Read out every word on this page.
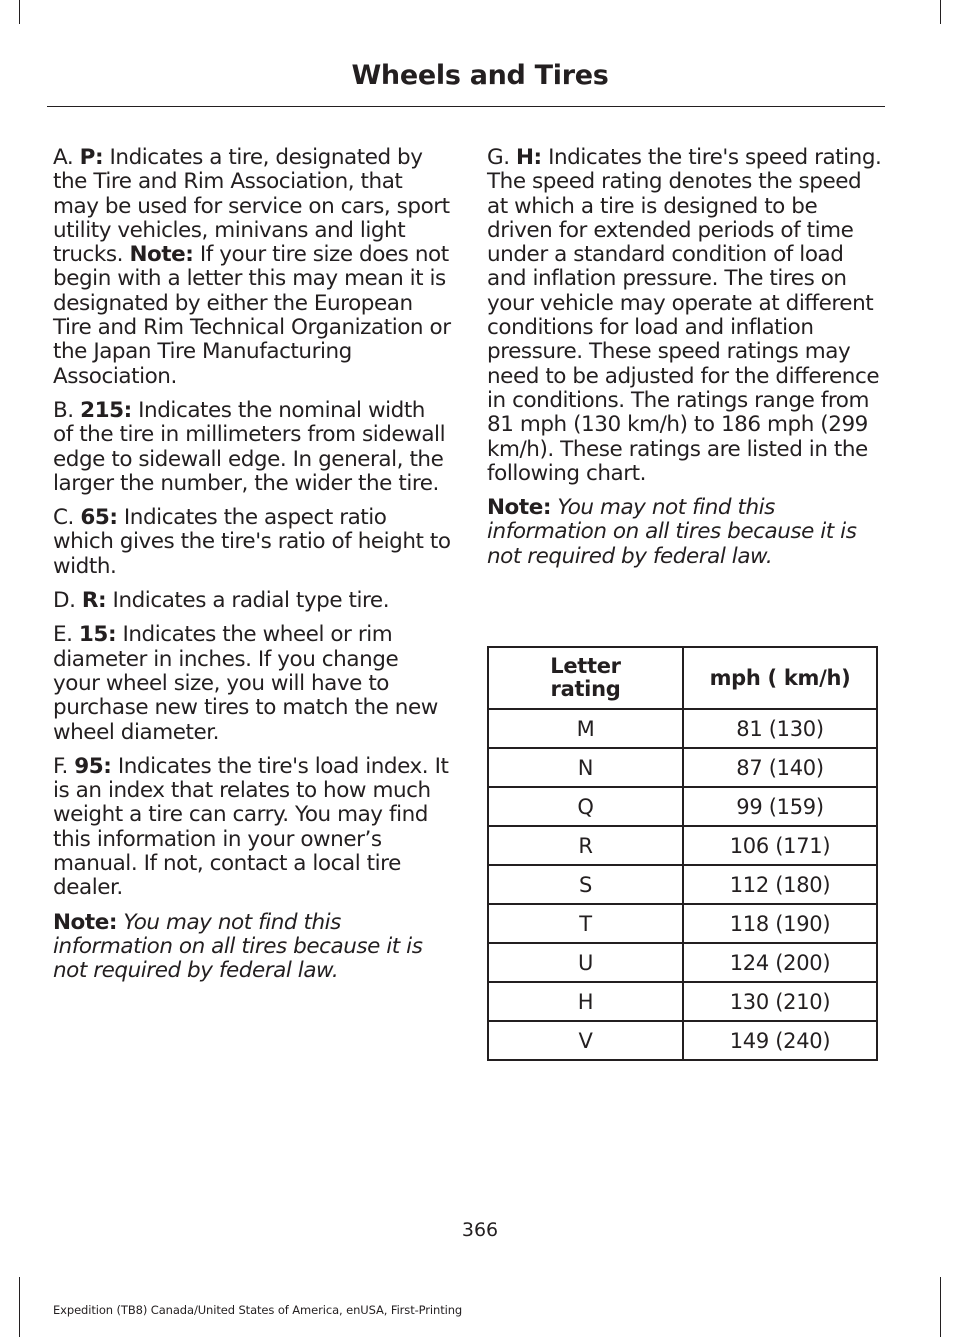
Wheels and Tires

A. P: Indicates a tire, designated by the Tire and Rim Association, that may be used for service on cars, sport utility vehicles, minivans and light trucks. Note: If your tire size does not begin with a letter this may mean it is designated by either the European Tire and Rim Technical Organization or the Japan Tire Manufacturing Association.

B. 215: Indicates the nominal width of the tire in millimeters from sidewall edge to sidewall edge. In general, the larger the number, the wider the tire.

C. 65: Indicates the aspect ratio which gives the tire's ratio of height to width.

D. R: Indicates a radial type tire.

E. 15: Indicates the wheel or rim diameter in inches. If you change your wheel size, you will have to purchase new tires to match the new wheel diameter.

F. 95: Indicates the tire's load index. It is an index that relates to how much weight a tire can carry. You may find this information in your owner’s manual. If not, contact a local tire dealer.

Note: You may not find this information on all tires because it is not required by federal law.

G. H: Indicates the tire's speed rating. The speed rating denotes the speed at which a tire is designed to be driven for extended periods of time under a standard condition of load and inflation pressure. The tires on your vehicle may operate at different conditions for load and inflation pressure. These speed ratings may need to be adjusted for the difference in conditions. The ratings range from 81 mph (130 km/h) to 186 mph (299 km/h). These ratings are listed in the following chart.

Note: You may not find this information on all tires because it is not required by federal law.

Letter rating	mph ( km/h)
M	81 (130)
N	87 (140)
Q	99 (159)
R	106 (171)
S	112 (180)
T	118 (190)
U	124 (200)
H	130 (210)
V	149 (240)
366
Expedition (TB8) Canada/United States of America, enUSA, First-Printing
